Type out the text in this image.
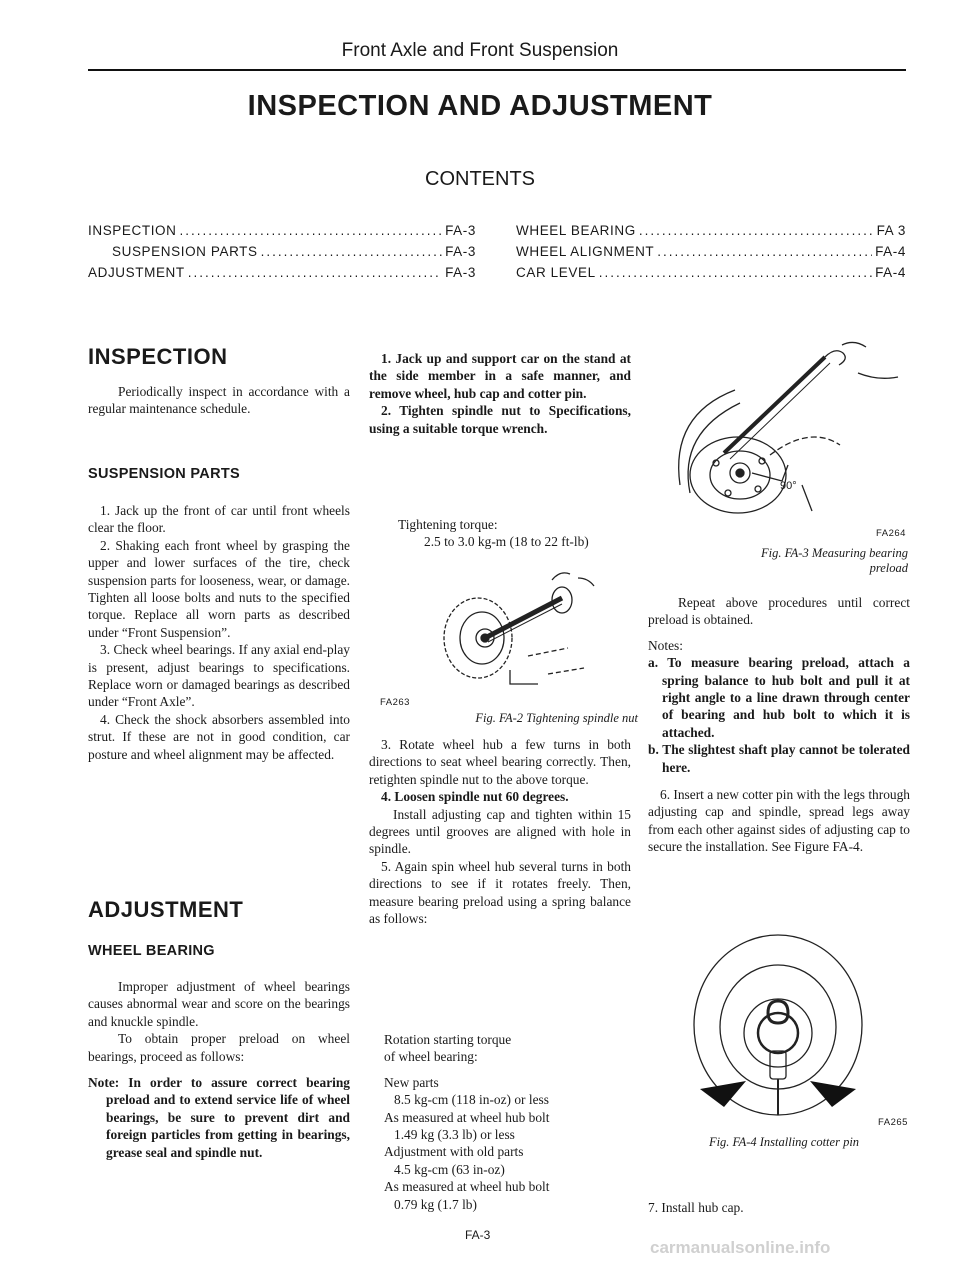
Front Axle and Front Suspension
INSPECTION AND ADJUSTMENT
CONTENTS
INSPECTION .....	FA-3
SUSPENSION PARTS .....	FA-3
ADJUSTMENT .....	FA-3
WHEEL BEARING .....	FA 3
WHEEL ALIGNMENT .....	FA-4
CAR LEVEL .....	FA-4
INSPECTION

Periodically inspect in accordance with a regular maintenance schedule.

SUSPENSION PARTS

1. Jack up the front of car until front wheels clear the floor.

2. Shaking each front wheel by grasping the upper and lower surfaces of the tire, check suspension parts for looseness, wear, or damage. Tighten all loose bolts and nuts to the specified torque. Replace all worn parts as described under “Front Suspension”.

3. Check wheel bearings. If any axial end-play is present, adjust bearings to specifications. Replace worn or damaged bearings as described under “Front Axle”.

4. Check the shock absorbers assembled into strut. If these are not in good condition, car posture and wheel alignment may be affected.

ADJUSTMENT
WHEEL BEARING

Improper adjustment of wheel bearings causes abnormal wear and score on the bearings and knuckle spindle.

To obtain proper preload on wheel bearings, proceed as follows:

Note: In order to assure correct bearing preload and to extend service life of wheel bearings, be sure to prevent dirt and foreign particles from getting in bearings, grease seal and spindle nut.

1. Jack up and support car on the stand at the side member in a safe manner, and remove wheel, hub cap and cotter pin.

2. Tighten spindle nut to Specifications, using a suitable torque wrench.

Tightening torque:

2.5 to 3.0 kg-m (18 to 22 ft-lb)

FA263
Fig. FA-2 Tightening spindle nut

3. Rotate wheel hub a few turns in both directions to seat wheel bearing correctly. Then, retighten spindle nut to the above torque.

4. Loosen spindle nut 60 degrees.

Install adjusting cap and tighten within 15 degrees until grooves are aligned with hole in spindle.

5. Again spin wheel hub several turns in both directions to see if it rotates freely. Then, measure bearing preload using a spring balance as follows:

Rotation starting torque

of wheel bearing:

New parts

8.5 kg-cm (118 in-oz) or less

As measured at wheel hub bolt

1.49 kg (3.3 lb) or less

Adjustment with old parts

4.5 kg-cm (63 in-oz)

As measured at wheel hub bolt

0.79 kg (1.7 lb)

FA-3
90°
FA264
Fig. FA-3 Measuring bearing
preload

Repeat above procedures until correct preload is obtained.

Notes:

a. To measure bearing preload, attach a spring balance to hub bolt and pull it at right angle to a line drawn through center of bearing and hub bolt to which it is attached.

b. The slightest shaft play cannot be tolerated here.

6. Insert a new cotter pin with the legs through adjusting cap and spindle, spread legs away from each other against sides of adjusting cap to secure the installation. See Figure FA-4.

FA265
Fig. FA-4 Installing cotter pin
7. Install hub cap.
carmanualsonline.info
